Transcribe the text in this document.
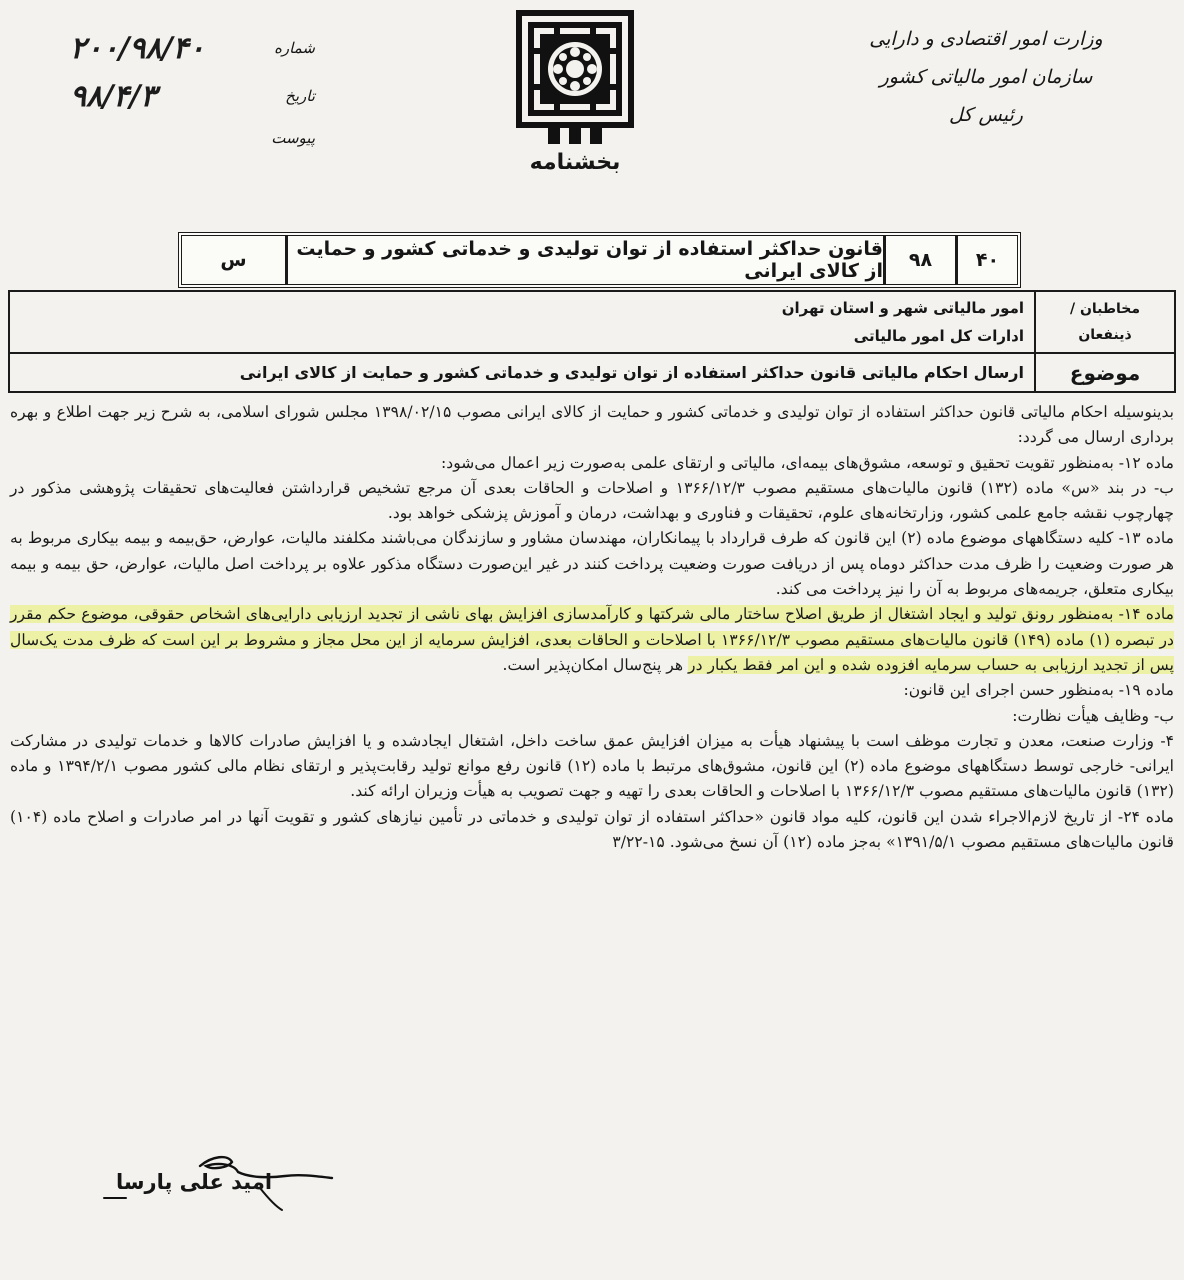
وزارت امور اقتصادی و دارایی
سازمان امور مالیاتی کشور
رئیس کل
بخشنامه
شماره
۲۰۰/۹۸/۴۰
تاریخ
۹۸/۴/۳
پیوست
۴۰
۹۸
قانون حداکثر استفاده از توان تولیدی و خدماتی کشور و حمایت از کالای ایرانی
س
مخاطبان /
ذینفعان
امور مالیاتی شهر و استان تهران
ادارات کل امور مالیاتی
موضوع
ارسال احکام مالیاتی قانون حداکثر استفاده از توان تولیدی و خدماتی کشور و حمایت از کالای ایرانی

بدینوسیله احکام مالیاتی قانون حداکثر استفاده از توان تولیدی و خدماتی کشور و حمایت از کالای ایرانی مصوب ۱۳۹۸/۰۲/۱۵ مجلس شورای اسلامی، به شرح زیر جهت اطلاع و بهره برداری ارسال می گردد:

ماده ۱۲- به‌منظور تقویت تحقیق و توسعه، مشوق‌های بیمه‌ای، مالیاتی و ارتقای علمی به‌صورت زیر اعمال می‌شود:

ب- در بند «س» ماده (۱۳۲) قانون مالیات‌های مستقیم مصوب ۱۳۶۶/۱۲/۳ و اصلاحات و الحاقات بعدی آن مرجع تشخیص قرارداشتن فعالیت‌های تحقیقات پژوهشی مذکور در چهارچوب نقشه جامع علمی کشور، وزارتخانه‌های علوم، تحقیقات و فناوری و بهداشت، درمان و آموزش پزشکی خواهد بود.

ماده ۱۳- کلیه دستگاههای موضوع ماده (۲) این قانون که طرف قرارداد با پیمانکاران، مهندسان مشاور و سازندگان می‌باشند مکلفند مالیات، عوارض، حق‌بیمه و بیمه بیکاری مربوط به هر صورت وضعیت را ظرف مدت حداکثر دوماه پس از دریافت صورت وضعیت پرداخت کنند در غیر این‌صورت دستگاه مذکور علاوه بر پرداخت اصل مالیات، عوارض، حق بیمه و بیمه بیکاری متعلق، جریمه‌های مربوط به آن را نیز پرداخت می کند.

ماده ۱۴- به‌منظور رونق تولید و ایجاد اشتغال از طریق اصلاح ساختار مالی شرکتها و کارآمدسازی افزایش بهای ناشی از تجدید ارزیابی دارایی‌های اشخاص حقوقی، موضوع حکم مقرر در تبصره (۱) ماده (۱۴۹) قانون مالیات‌های مستقیم مصوب ۱۳۶۶/۱۲/۳ با اصلاحات و الحاقات بعدی، افزایش سرمایه از این محل مجاز و مشروط بر این است که ظرف مدت یک‌سال پس از تجدید ارزیابی به حساب سرمایه افزوده شده و این امر فقط یکبار در هر پنج‌سال امکان‌پذیر است.

ماده ۱۹- به‌منظور حسن اجرای این قانون:

ب- وظایف هیأت نظارت:

۴- وزارت صنعت، معدن و تجارت موظف است با پیشنهاد هیأت به میزان افزایش عمق ساخت داخل، اشتغال ایجادشده و یا افزایش صادرات کالاها و خدمات تولیدی در مشارکت ایرانی- خارجی توسط دستگاههای موضوع ماده (۲) این قانون، مشوق‌های مرتبط با ماده (۱۲) قانون رفع موانع تولید رقابت‌پذیر و ارتقای نظام مالی کشور مصوب ۱۳۹۴/۲/۱ و ماده (۱۳۲) قانون مالیات‌های مستقیم مصوب ۱۳۶۶/۱۲/۳ با اصلاحات و الحاقات بعدی را تهیه و جهت تصویب به هیأت وزیران ارائه کند.

ماده ۲۴- از تاریخ لازم‌الاجراء شدن این قانون، کلیه مواد قانون «حداکثر استفاده از توان تولیدی و خدماتی در تأمین نیازهای کشور و تقویت آنها در امر صادرات و اصلاح ماده (۱۰۴) قانون مالیات‌های مستقیم مصوب ۱۳۹۱/۵/۱» به‌جز ماده (۱۲) آن نسخ می‌شود. ۱۵-۳/۲۲

امید علی پارسا
